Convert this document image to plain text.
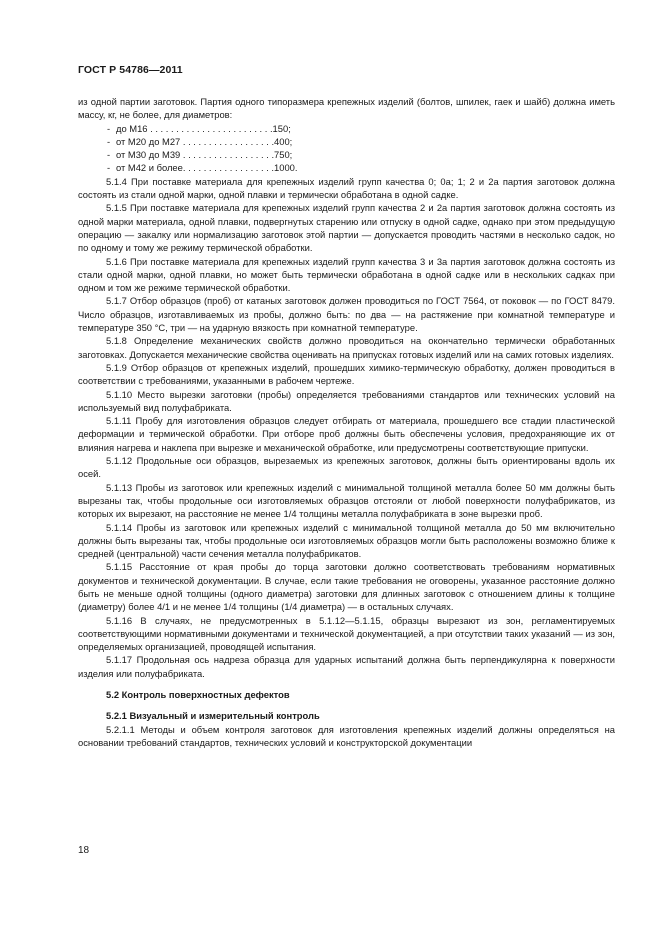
ГОСТ Р 54786—2011

из одной партии заготовок. Партия одного типоразмера крепежных изделий (болтов, шпилек, гаек и шайб) должна иметь массу, кг, не более, для диаметров:

- до М16 . . . . . . . . . . . . . . . . . . . . . . . .150;
- от М20 до М27 . . . . . . . . . . . . . . . . . .400;
- от М30 до М39 . . . . . . . . . . . . . . . . . .750;
- от М42 и более. . . . . . . . . . . . . . . . . .1000.

5.1.4 При поставке материала для крепежных изделий групп качества 0; 0а; 1; 2 и 2а партия заготовок должна состоять из стали одной марки, одной плавки и термически обработана в одной садке.

5.1.5 При поставке материала для крепежных изделий групп качества 2 и 2а партия заготовок должна состоять из одной марки материала, одной плавки, подвергнутых старению или отпуску в одной садке, однако при этом предыдущую операцию — закалку или нормализацию заготовок этой партии — допускается проводить частями в несколько садок, но по одному и тому же режиму термической обработки.

5.1.6 При поставке материала для крепежных изделий групп качества 3 и 3а партия заготовок должна состоять из стали одной марки, одной плавки, но может быть термически обработана в одной садке или в нескольких садках при одном и том же режиме термической обработки.

5.1.7 Отбор образцов (проб) от катаных заготовок должен проводиться по ГОСТ 7564, от поковок — по ГОСТ 8479. Число образцов, изготавливаемых из пробы, должно быть: по два — на растяжение при комнатной температуре и температуре 350 °С, три — на ударную вязкость при комнатной температуре.

5.1.8 Определение механических свойств должно проводиться на окончательно термически обработанных заготовках. Допускается механические свойства оценивать на припусках готовых изделий или на самих готовых изделиях.

5.1.9 Отбор образцов от крепежных изделий, прошедших химико-термическую обработку, должен проводиться в соответствии с требованиями, указанными в рабочем чертеже.

5.1.10 Место вырезки заготовки (пробы) определяется требованиями стандартов или технических условий на используемый вид полуфабриката.

5.1.11 Пробу для изготовления образцов следует отбирать от материала, прошедшего все стадии пластической деформации и термической обработки. При отборе проб должны быть обеспечены условия, предохраняющие их от влияния нагрева и наклепа при вырезке и механической обработке, или предусмотрены соответствующие припуски.

5.1.12 Продольные оси образцов, вырезаемых из крепежных заготовок, должны быть ориентированы вдоль их осей.

5.1.13 Пробы из заготовок или крепежных изделий с минимальной толщиной металла более 50 мм должны быть вырезаны так, чтобы продольные оси изготовляемых образцов отстояли от любой поверхности полуфабрикатов, из которых их вырезают, на расстояние не менее 1/4 толщины металла полуфабриката в зоне вырезки проб.

5.1.14 Пробы из заготовок или крепежных изделий с минимальной толщиной металла до 50 мм включительно должны быть вырезаны так, чтобы продольные оси изготовляемых образцов могли быть расположены возможно ближе к средней (центральной) части сечения металла полуфабрикатов.

5.1.15 Расстояние от края пробы до торца заготовки должно соответствовать требованиям нормативных документов и технической документации. В случае, если такие требования не оговорены, указанное расстояние должно быть не меньше одной толщины (одного диаметра) заготовки для длинных заготовок с отношением длины к толщине (диаметру) более 4/1 и не менее 1/4 толщины (1/4 диаметра) — в остальных случаях.

5.1.16 В случаях, не предусмотренных в 5.1.12—5.1.15, образцы вырезают из зон, регламентируемых соответствующими нормативными документами и технической документацией, а при отсутствии таких указаний — из зон, определяемых организацией, проводящей испытания.

5.1.17 Продольная ось надреза образца для ударных испытаний должна быть перпендикулярна к поверхности изделия или полуфабриката.

5.2 Контроль поверхностных дефектов

5.2.1 Визуальный и измерительный контроль

5.2.1.1 Методы и объем контроля заготовок для изготовления крепежных изделий должны определяться на основании требований стандартов, технических условий и конструкторской документации

18
